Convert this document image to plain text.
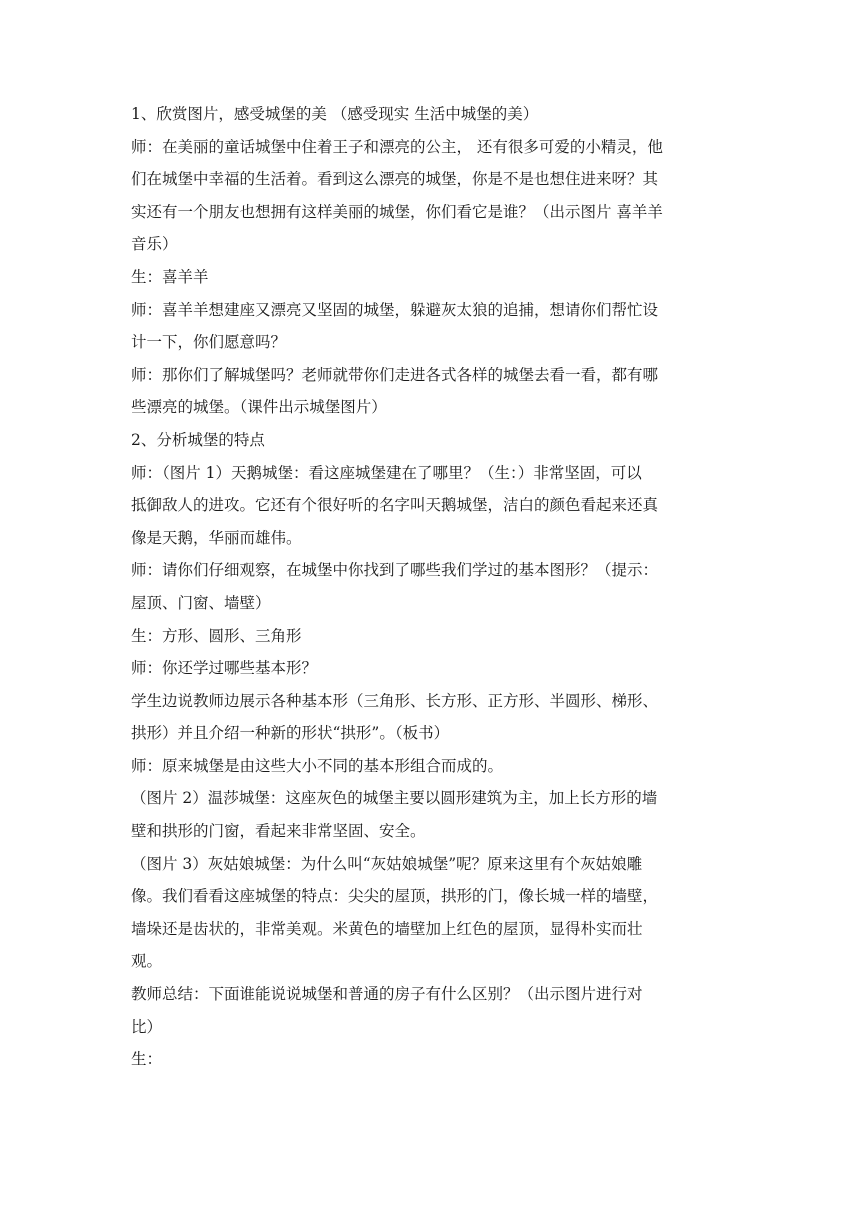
1、欣赏图片，感受城堡的美 （感受现实 生活中城堡的美）
师：在美丽的童话城堡中住着王子和漂亮的公主， 还有很多可爱的小精灵，他
们在城堡中幸福的生活着。看到这么漂亮的城堡，你是不是也想住进来呀？其
实还有一个朋友也想拥有这样美丽的城堡，你们看它是谁？（出示图片 喜羊羊
音乐）
生：喜羊羊
师：喜羊羊想建座又漂亮又坚固的城堡，躲避灰太狼的追捕，想请你们帮忙设
计一下，你们愿意吗？
师：那你们了解城堡吗？老师就带你们走进各式各样的城堡去看一看，都有哪
些漂亮的城堡。（课件出示城堡图片）
2、分析城堡的特点
师：（图片 1）天鹅城堡：看这座城堡建在了哪里？（生：）非常坚固，可以
抵御敌人的进攻。它还有个很好听的名字叫天鹅城堡，洁白的颜色看起来还真
像是天鹅，华丽而雄伟。
师：请你们仔细观察，在城堡中你找到了哪些我们学过的基本图形？（提示：
屋顶、门窗、墙壁）
生：方形、圆形、三角形
师：你还学过哪些基本形？
学生边说教师边展示各种基本形（三角形、长方形、正方形、半圆形、梯形、
拱形）并且介绍一种新的形状“拱形”。（板书）
师：原来城堡是由这些大小不同的基本形组合而成的。
（图片 2）温莎城堡：这座灰色的城堡主要以圆形建筑为主，加上长方形的墙
壁和拱形的门窗，看起来非常坚固、安全。
（图片 3）灰姑娘城堡：为什么叫“灰姑娘城堡”呢？原来这里有个灰姑娘雕
像。我们看看这座城堡的特点：尖尖的屋顶，拱形的门，像长城一样的墙壁，
墙垛还是齿状的，非常美观。米黄色的墙壁加上红色的屋顶，显得朴实而壮
观。
教师总结：下面谁能说说城堡和普通的房子有什么区别？（出示图片进行对
比）
生：
